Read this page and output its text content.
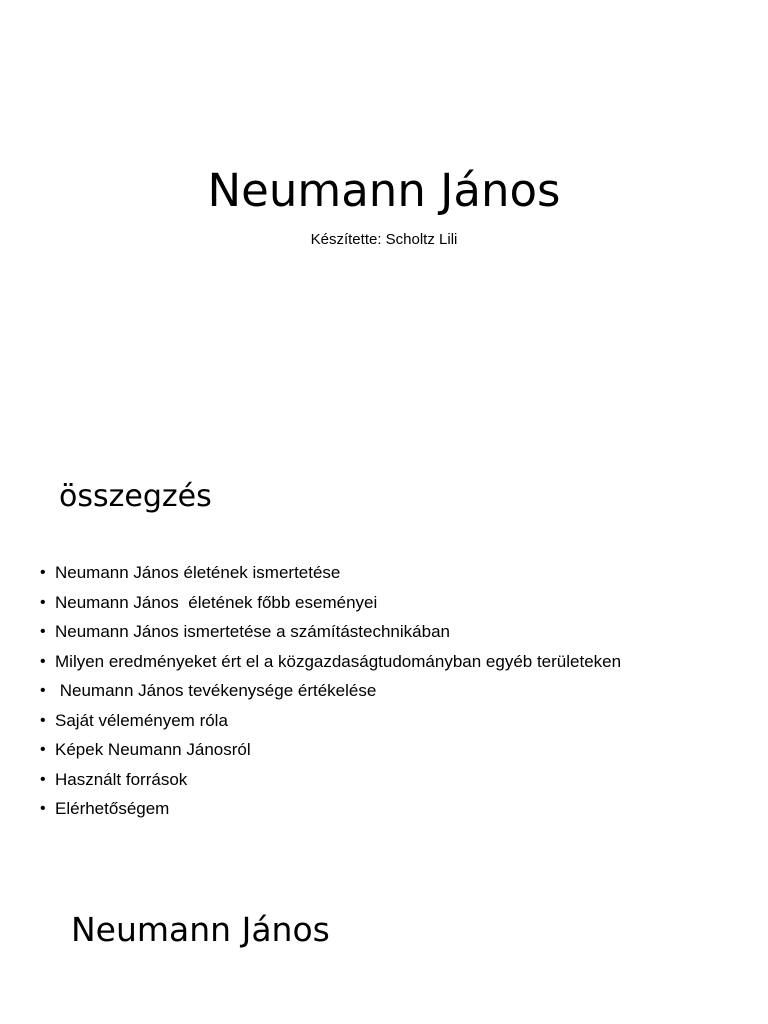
Neumann János

Készítette: Scholtz Lili

összegzés
• Neumann János életének ismertetése
• Neumann János  életének főbb eseményei
• Neumann János ismertetése a számítástechnikában
• Milyen eredményeket ért el a közgazdaságtudományban egyéb területeken
• Neumann János tevékenysége értékelése
• Saját véleményem róla
• Képek Neumann Jánosról
• Használt források
• Elérhetőségem
Neumann János
